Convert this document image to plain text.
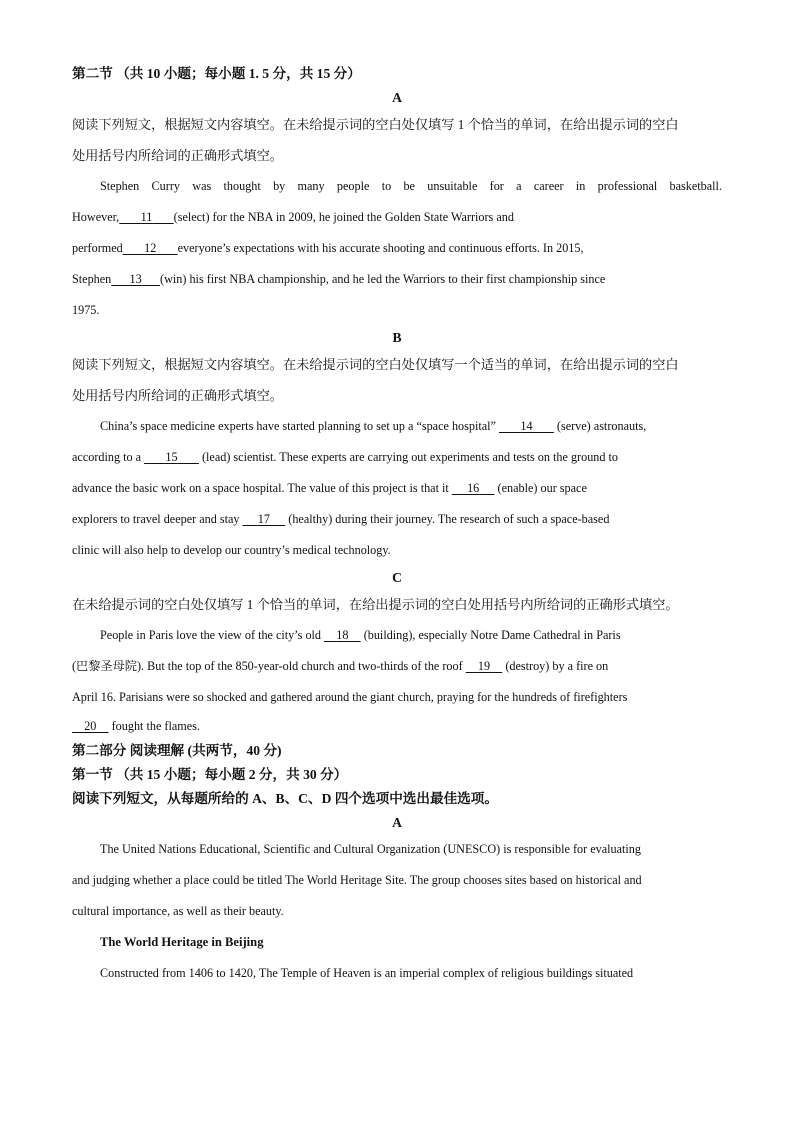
第二节 （共 10 小题；每小题 1. 5 分，共 15 分）
A
阅读下列短文，根据短文内容填空。在未给提示词的空白处仅填写 1 个恰当的单词，在给出提示词的空白
处用括号内所给词的正确形式填空。
Stephen Curry was thought by many people to be unsuitable for a career in professional basketball.
However, 11 (select) for the NBA in 2009, he joined the Golden State Warriors and
performed 12 everyone’s expectations with his accurate shooting and continuous efforts. In 2015,
Stephen 13 (win) his first NBA championship, and he led the Warriors to their first championship since
1975.
B
阅读下列短文，根据短文内容填空。在未给提示词的空白处仅填写一个适当的单词，在给出提示词的空白
处用括号内所给词的正确形式填空。
China’s space medicine experts have started planning to set up a “space hospital” 14 (serve) astronauts,
according to a 15 (lead) scientist. These experts are carrying out experiments and tests on the ground to
advance the basic work on a space hospital. The value of this project is that it 16 (enable) our space
explorers to travel deeper and stay 17 (healthy) during their journey. The research of such a space-based
clinic will also help to develop our country’s medical technology.
C
在未给提示词的空白处仅填写 1 个恰当的单词，在给出提示词的空白处用括号内所给词的正确形式填空。
People in Paris love the view of the city’s old 18 (building), especially Notre Dame Cathedral in Paris
(巴黎圣母院). But the top of the 850-year-old church and two-thirds of the roof 19 (destroy) by a fire on
April 16. Parisians were so shocked and gathered around the giant church, praying for the hundreds of firefighters
20 fought the flames.
第二部分 阅读理解 (共两节，40 分)
第一节 （共 15 小题；每小题 2 分，共 30 分）
阅读下列短文，从每题所给的 A、B、C、D 四个选项中选出最佳选项。
A
The United Nations Educational, Scientific and Cultural Organization (UNESCO) is responsible for evaluating
and judging whether a place could be titled The World Heritage Site. The group chooses sites based on historical and
cultural importance, as well as their beauty.
The World Heritage in Beijing
Constructed from 1406 to 1420, The Temple of Heaven is an imperial complex of religious buildings situated
